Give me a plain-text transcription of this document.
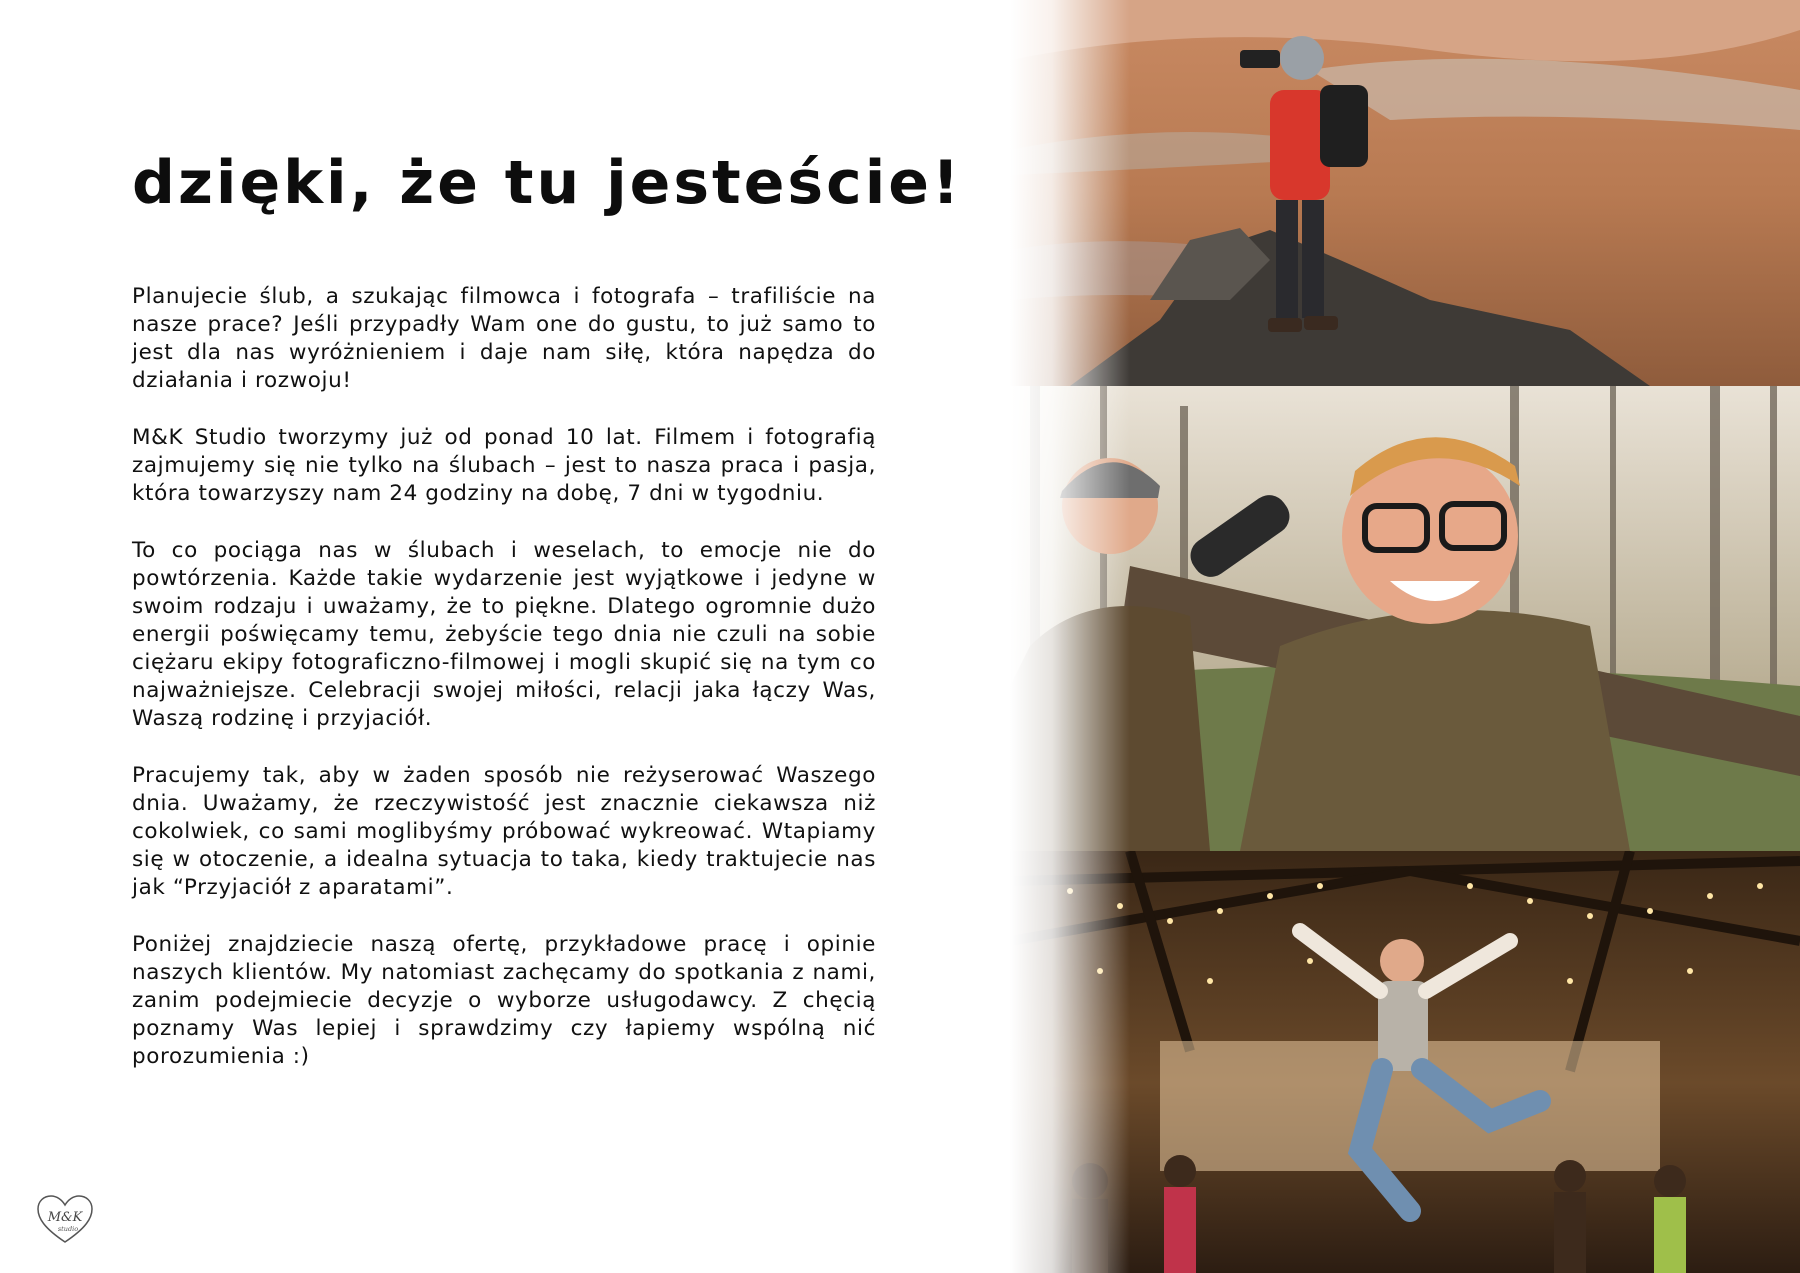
dzięki, że tu jesteście!

Planujecie ślub, a szukając filmowca i fotografa – trafiliście na nasze prace? Jeśli przypadły Wam one do gustu, to już samo to jest dla nas wyróżnieniem i daje nam siłę, która napędza do działania i rozwoju!

M&K Studio tworzymy już od ponad 10 lat. Filmem i fotografią zajmujemy się nie tylko na ślubach – jest to nasza praca i pasja, która towarzyszy nam 24 godziny na dobę, 7 dni w tygodniu.

To co pociąga nas w ślubach i weselach, to emocje nie do powtórzenia. Każde takie wydarzenie jest wyjątkowe i jedyne w swoim rodzaju i uważamy, że to piękne. Dlatego ogromnie dużo energii poświęcamy temu, żebyście tego dnia nie czuli na sobie ciężaru ekipy fotograficzno-filmowej i mogli skupić się na tym co najważniejsze. Celebracji swojej miłości, relacji jaka łączy Was, Waszą rodzinę i przyjaciół.

Pracujemy tak, aby w żaden sposób nie reżyserować Waszego dnia. Uważamy, że rzeczywistość jest znacznie ciekawsza niż cokolwiek, co sami moglibyśmy próbować wykreować. Wtapiamy się w otoczenie, a idealna sytuacja to taka, kiedy traktujecie nas jak “Przyjaciół z aparatami”.

Poniżej znajdziecie naszą ofertę, przykładowe pracę i opinie naszych klientów. My natomiast zachęcamy do spotkania z nami, zanim podejmiecie decyzje o wyborze usługodawcy. Z chęcią poznamy Was lepiej i sprawdzimy czy łapiemy wspólną nić porozumienia :)

M&K
studio
